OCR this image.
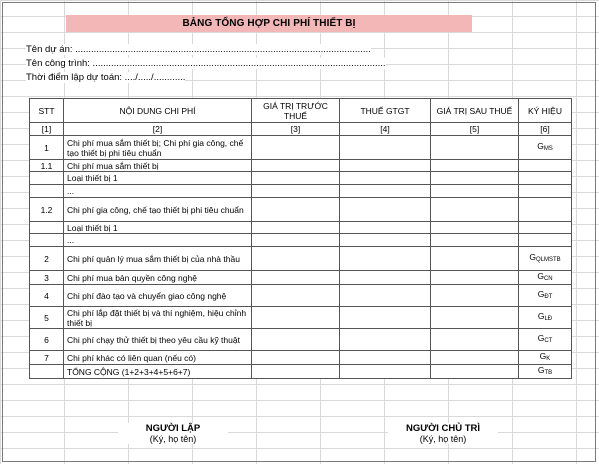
BẢNG TỔNG HỢP CHI PHÍ THIẾT BỊ
Tên dự án: ................................................................................................................
Tên công trình: ...............................................................................................................
Thời điểm lập dự toán: ..../...../............
STT	NỘI DUNG CHI PHÍ	GIÁ TRỊ TRƯỚC THUẾ	THUẾ GTGT	GIÁ TRỊ SAU THUẾ	KÝ HIỆU
[1]	[2]	[3]	[4]	[5]	[6]
1	Chi phí mua sắm thiết bị; Chi phí gia công, chế tạo thiết bị phi tiêu chuẩn				$G_{MS}$
1.1	Chi phí mua sắm thiết bị				
	Loại thiết bị 1				
	...				
1.2	Chi phí gia công, chế tạo thiết bị phi tiêu chuẩn				
	Loại thiết bị 1				
	...				
2	Chi phí quản lý mua sắm thiết bị của nhà thầu				$G_{QLMSTB}$
3	Chi phí mua bản quyền công nghệ				$G_{CN}$
4	Chi phí đào tạo và chuyển giao công nghệ				$G_{ĐT}$
5	Chi phí lắp đặt thiết bị và thí nghiệm, hiệu chỉnh thiết bị				$G_{LĐ}$
6	Chi phí chạy thử thiết bị theo yêu cầu kỹ thuật				$G_{CT}$
7	Chi phí khác có liên quan (nếu có)				$G_K$
	TỔNG CỘNG (1+2+3+4+5+6+7)				$G_{TB}$
NGƯỜI LẬP
(Ký, họ tên)
NGƯỜI CHỦ TRÌ
(Ký, họ tên)
